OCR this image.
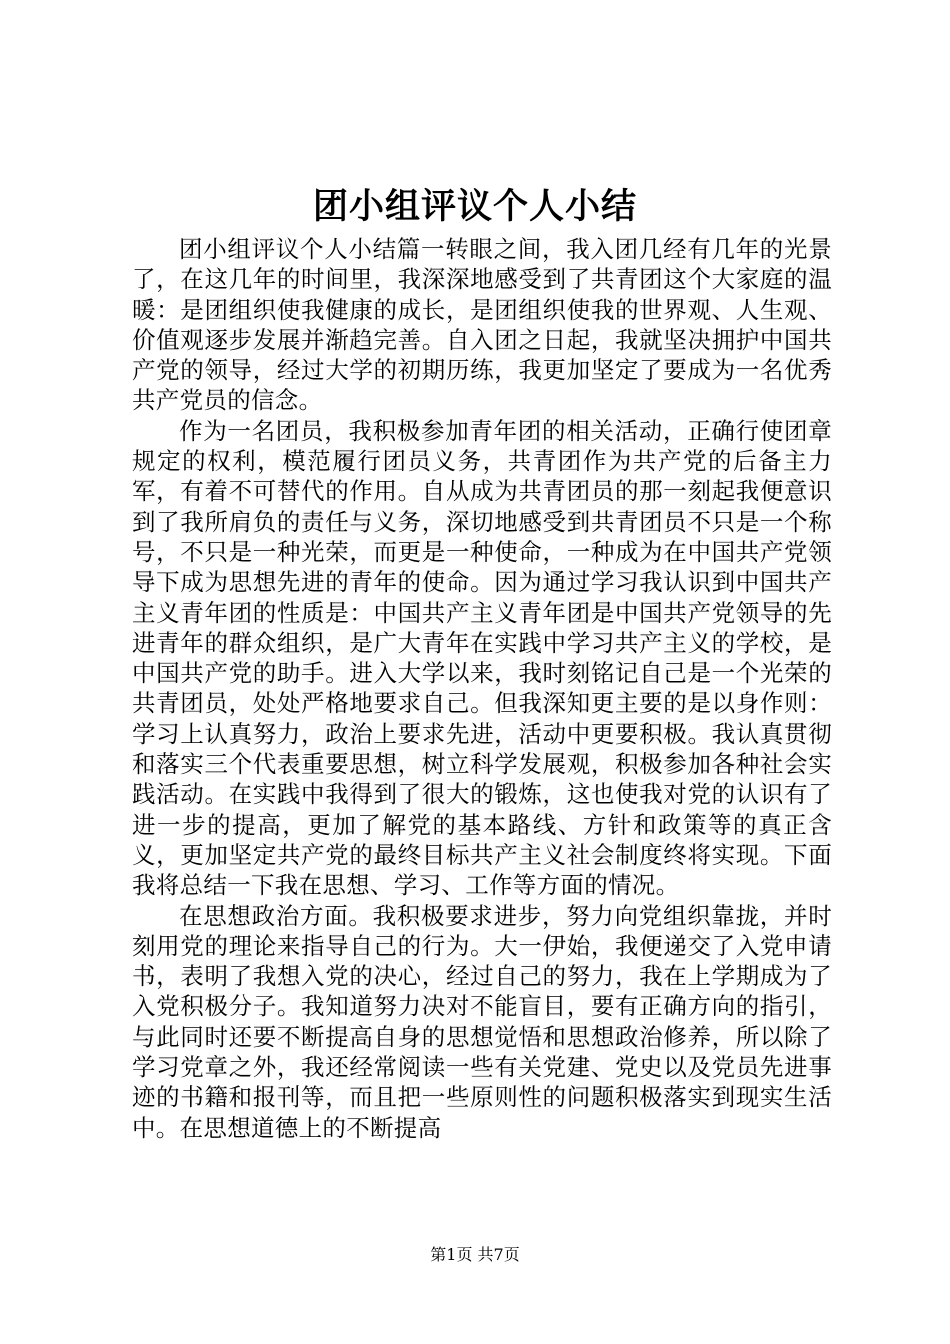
团小组评议个人小结

团小组评议个人小结篇一转眼之间，我入团几经有几年的光景了，在这几年的时间里，我深深地感受到了共青团这个大家庭的温暖：是团组织使我健康的成长，是团组织使我的世界观、人生观、价值观逐步发展并渐趋完善。自入团之日起，我就坚决拥护中国共产党的领导，经过大学的初期历练，我更加坚定了要成为一名优秀共产党员的信念。

作为一名团员，我积极参加青年团的相关活动，正确行使团章规定的权利，模范履行团员义务，共青团作为共产党的后备主力军，有着不可替代的作用。自从成为共青团员的那一刻起我便意识到了我所肩负的责任与义务，深切地感受到共青团员不只是一个称号，不只是一种光荣，而更是一种使命，一种成为在中国共产党领导下成为思想先进的青年的使命。因为通过学习我认识到中国共产主义青年团的性质是：中国共产主义青年团是中国共产党领导的先进青年的群众组织，是广大青年在实践中学习共产主义的学校，是中国共产党的助手。进入大学以来，我时刻铭记自己是一个光荣的共青团员，处处严格地要求自己。但我深知更主要的是以身作则：学习上认真努力，政治上要求先进，活动中更要积极。我认真贯彻和落实三个代表重要思想，树立科学发展观，积极参加各种社会实践活动。在实践中我得到了很大的锻炼，这也使我对党的认识有了进一步的提高，更加了解党的基本路线、方针和政策等的真正含义，更加坚定共产党的最终目标共产主义社会制度终将实现。下面我将总结一下我在思想、学习、工作等方面的情况。

在思想政治方面。我积极要求进步，努力向党组织靠拢，并时刻用党的理论来指导自己的行为。大一伊始，我便递交了入党申请书，表明了我想入党的决心，经过自己的努力，我在上学期成为了入党积极分子。我知道努力决对不能盲目，要有正确方向的指引，与此同时还要不断提高自身的思想觉悟和思想政治修养，所以除了学习党章之外，我还经常阅读一些有关党建、党史以及党员先进事迹的书籍和报刊等，而且把一些原则性的问题积极落实到现实生活中。在思想道德上的不断提高

第1页 共7页
